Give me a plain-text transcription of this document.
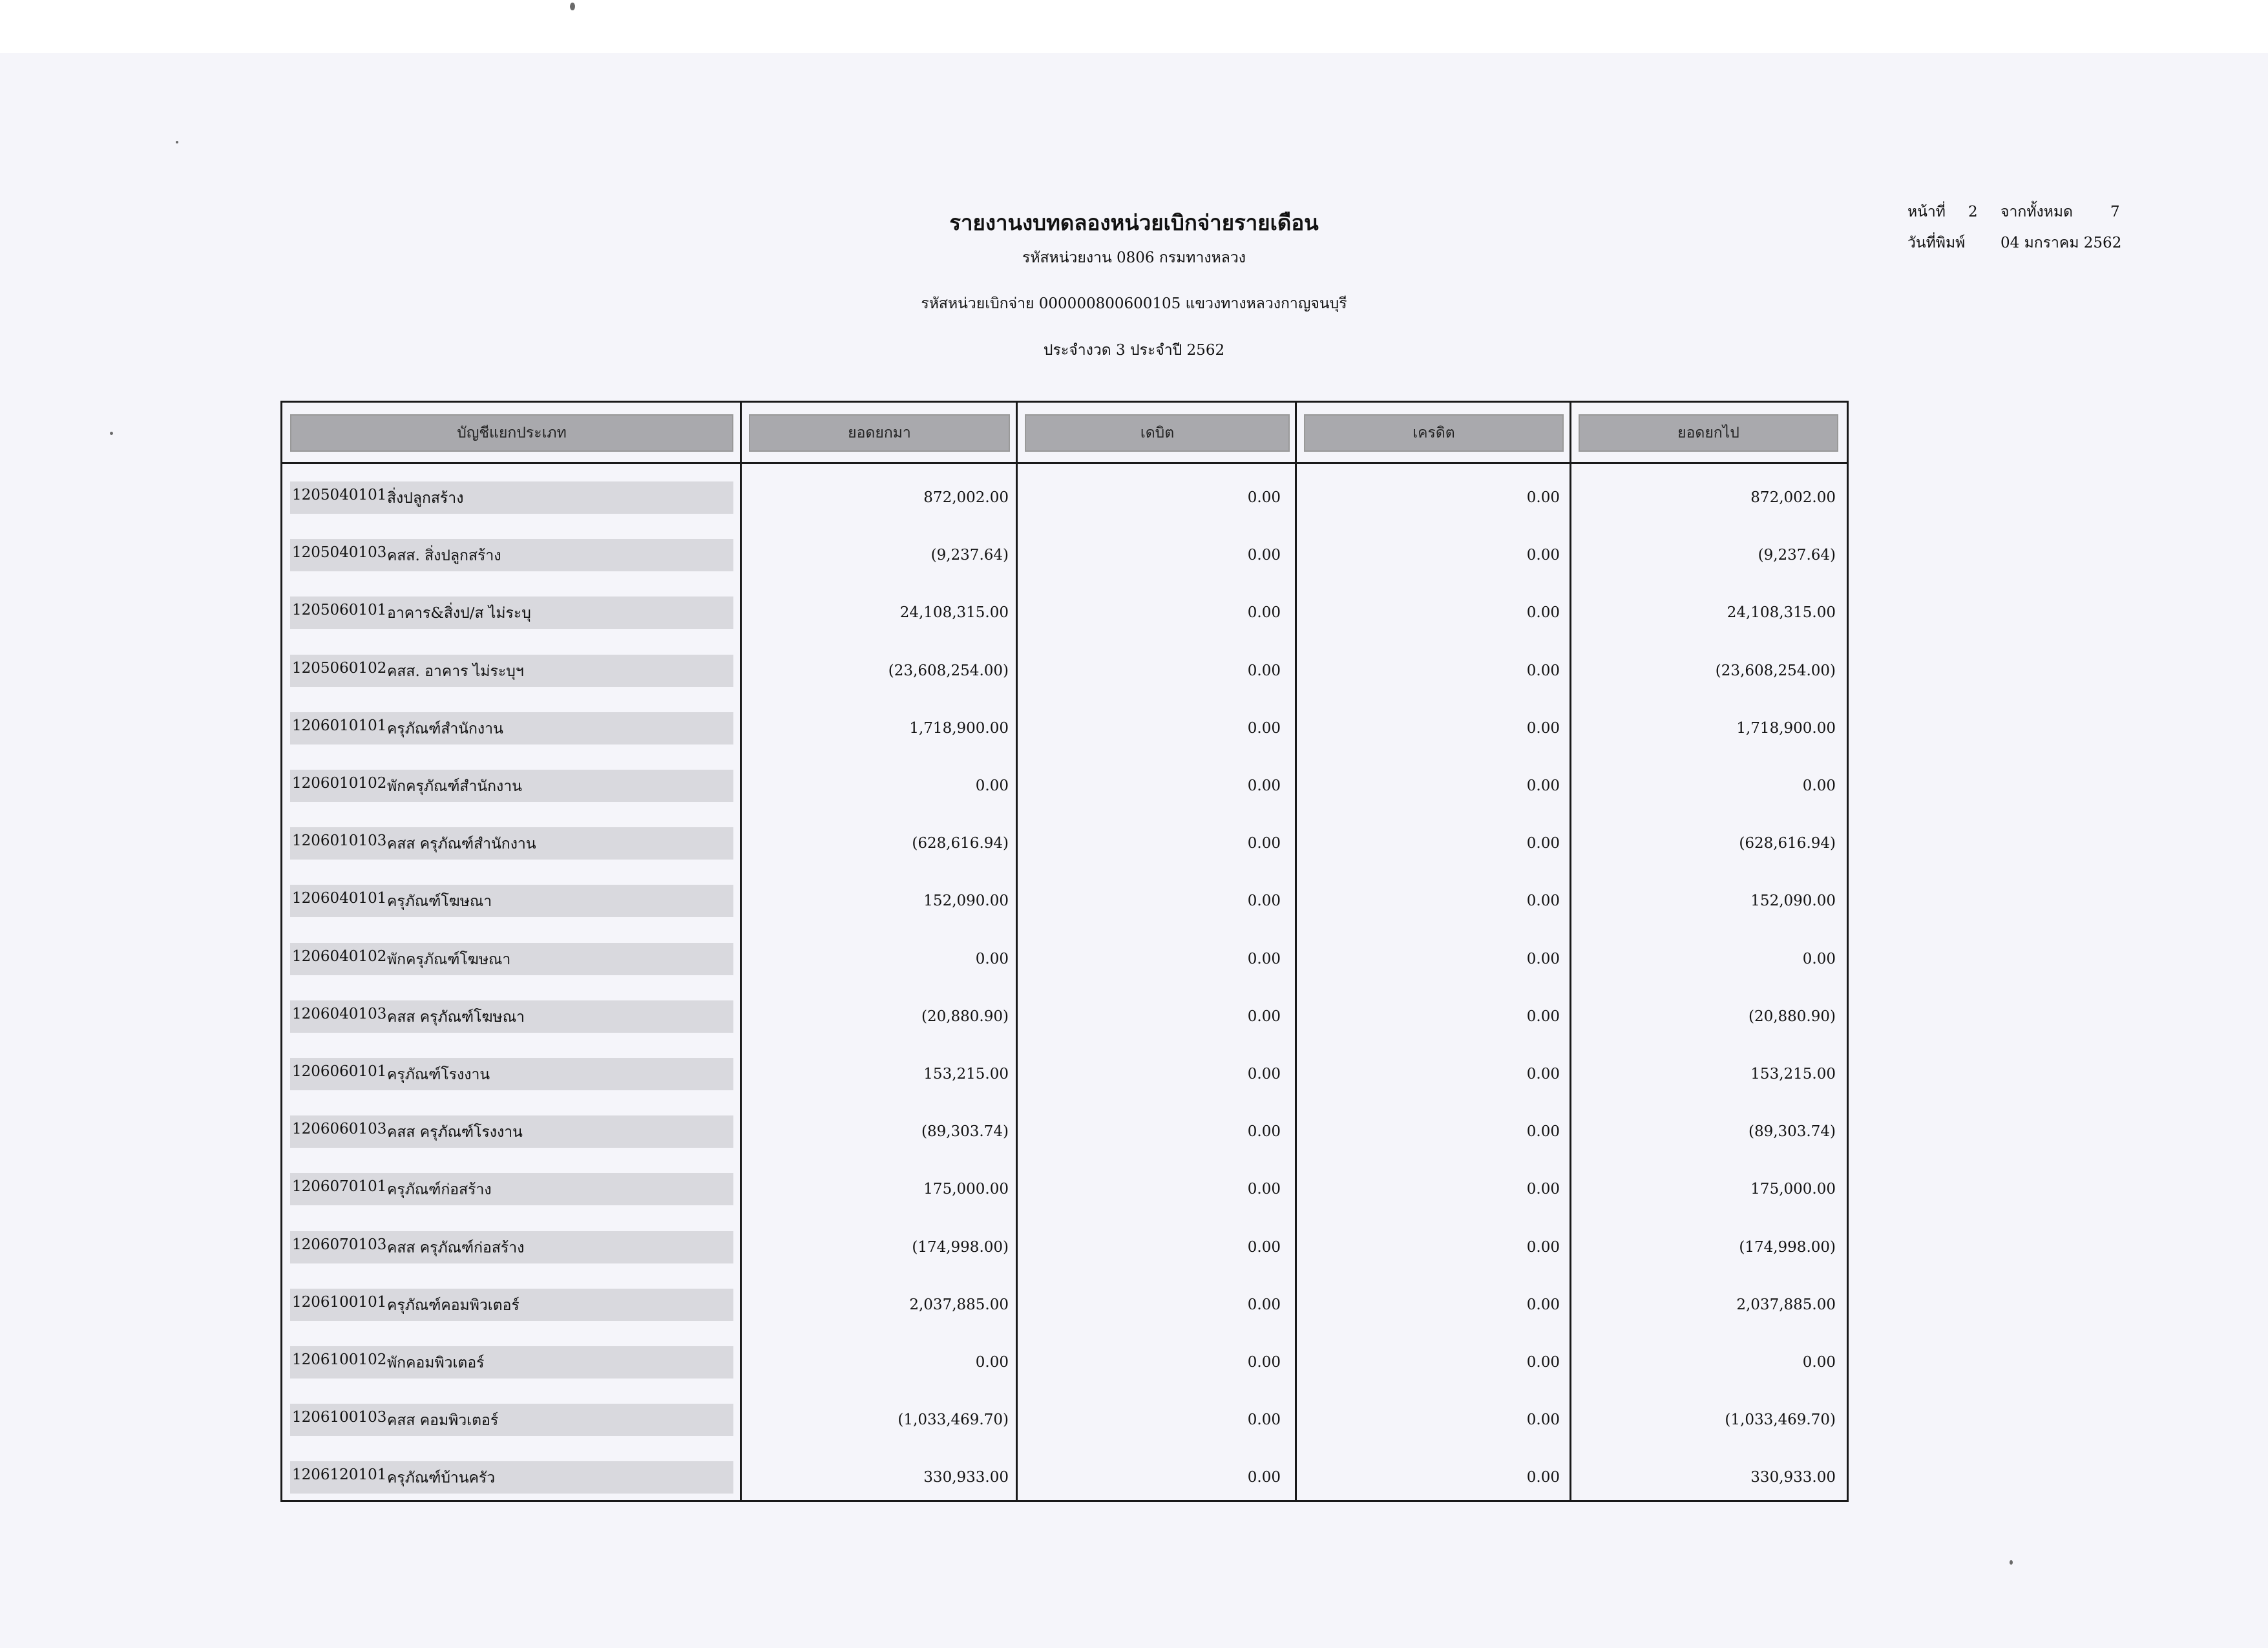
รายงานงบทดลองหน่วยเบิกจ่ายรายเดือน
รหัสหน่วยงาน 0806 กรมทางหลวง
รหัสหน่วยเบิกจ่าย 000000800600105 แขวงทางหลวงกาญจนบุรี
ประจำงวด 3 ประจำปี 2562
หน้าที่ 2 จากทั้งหมด	7
วันที่พิมพ์ 04 มกราคม 2562
บัญชีแยกประเภท	ยอดยกมา	เดบิต	เครดิต	ยอดยกไป
1205040101 สิ่งปลูกสร้าง	872,002.00	0.00	0.00	872,002.00
1205040103 คสส. สิ่งปลูกสร้าง	(9,237.64)	0.00	0.00	(9,237.64)
1205060101 อาคาร&สิ่งป/ส ไม่ระบุ	24,108,315.00	0.00	0.00	24,108,315.00
1205060102 คสส. อาคาร ไม่ระบุฯ	(23,608,254.00)	0.00	0.00	(23,608,254.00)
1206010101 ครุภัณฑ์สำนักงาน	1,718,900.00	0.00	0.00	1,718,900.00
1206010102 พักครุภัณฑ์สำนักงาน	0.00	0.00	0.00	0.00
1206010103 คสส ครุภัณฑ์สำนักงาน	(628,616.94)	0.00	0.00	(628,616.94)
1206040101 ครุภัณฑ์โฆษณา	152,090.00	0.00	0.00	152,090.00
1206040102 พักครุภัณฑ์โฆษณา	0.00	0.00	0.00	0.00
1206040103 คสส ครุภัณฑ์โฆษณา	(20,880.90)	0.00	0.00	(20,880.90)
1206060101 ครุภัณฑ์โรงงาน	153,215.00	0.00	0.00	153,215.00
1206060103 คสส ครุภัณฑ์โรงงาน	(89,303.74)	0.00	0.00	(89,303.74)
1206070101 ครุภัณฑ์ก่อสร้าง	175,000.00	0.00	0.00	175,000.00
1206070103 คสส ครุภัณฑ์ก่อสร้าง	(174,998.00)	0.00	0.00	(174,998.00)
1206100101 ครุภัณฑ์คอมพิวเตอร์	2,037,885.00	0.00	0.00	2,037,885.00
1206100102 พักคอมพิวเตอร์	0.00	0.00	0.00	0.00
1206100103 คสส คอมพิวเตอร์	(1,033,469.70)	0.00	0.00	(1,033,469.70)
1206120101 ครุภัณฑ์บ้านครัว	330,933.00	0.00	0.00	330,933.00
